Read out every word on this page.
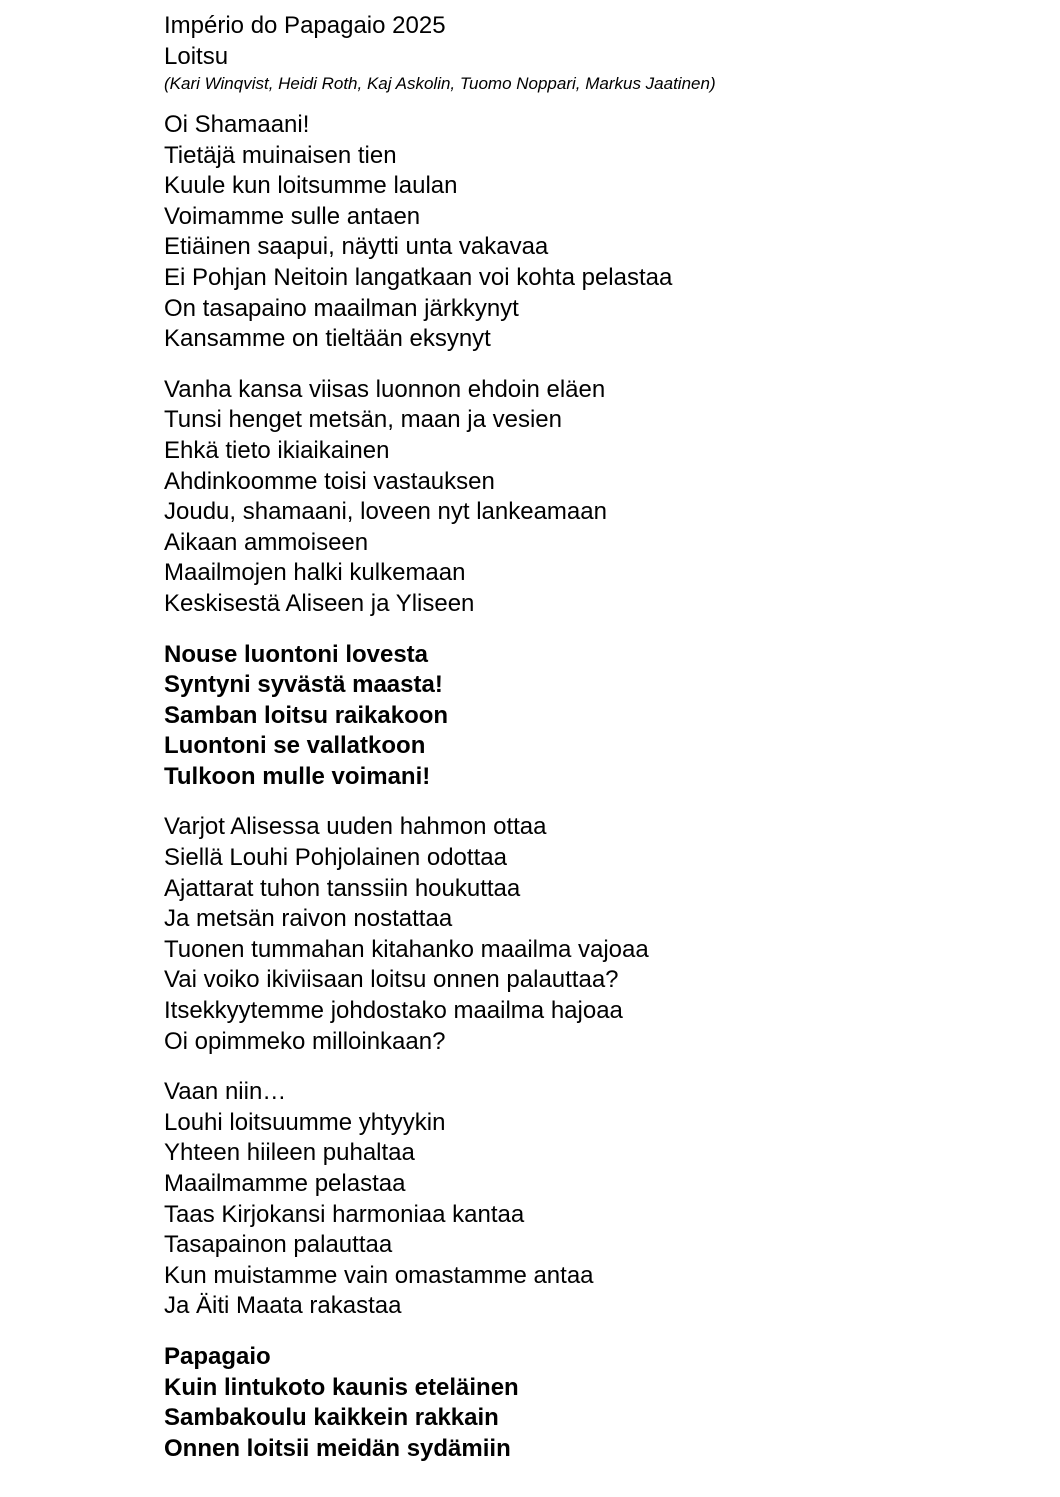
Império do Papagaio 2025

Loitsu

(Kari Winqvist, Heidi Roth, Kaj Askolin, Tuomo Noppari, Markus Jaatinen)

Oi Shamaani!
Tietäjä muinaisen tien
Kuule kun loitsumme laulan
Voimamme sulle antaen
Etiäinen saapui, näytti unta vakavaa
Ei Pohjan Neitoin langatkaan voi kohta pelastaa
On tasapaino maailman järkkynyt
Kansamme on tieltään eksynyt
Vanha kansa viisas luonnon ehdoin eläen
Tunsi henget metsän, maan ja vesien
Ehkä tieto ikiaikainen
Ahdinkoomme toisi vastauksen
Joudu, shamaani, loveen nyt lankeamaan
Aikaan ammoiseen
Maailmojen halki kulkemaan
Keskisestä Aliseen ja Yliseen
Nouse luontoni lovesta
Syntyni syvästä maasta!
Samban loitsu raikakoon
Luontoni se vallatkoon
Tulkoon mulle voimani!
Varjot Alisessa uuden hahmon ottaa
Siellä Louhi Pohjolainen odottaa
Ajattarat tuhon tanssiin houkuttaa
Ja metsän raivon nostattaa
Tuonen tummahan kitahanko maailma vajoaa
Vai voiko ikiviisaan loitsu onnen palauttaa?
Itsekkyytemme johdostako maailma hajoaa
Oi opimmeko milloinkaan?
Vaan niin…
Louhi loitsuumme yhtyykin
Yhteen hiileen puhaltaa
Maailmamme pelastaa
Taas Kirjokansi harmoniaa kantaa
Tasapainon palauttaa
Kun muistamme vain omastamme antaa
Ja Äiti Maata rakastaa
Papagaio
Kuin lintukoto kaunis eteläinen
Sambakoulu kaikkein rakkain
Onnen loitsii meidän sydämiin
